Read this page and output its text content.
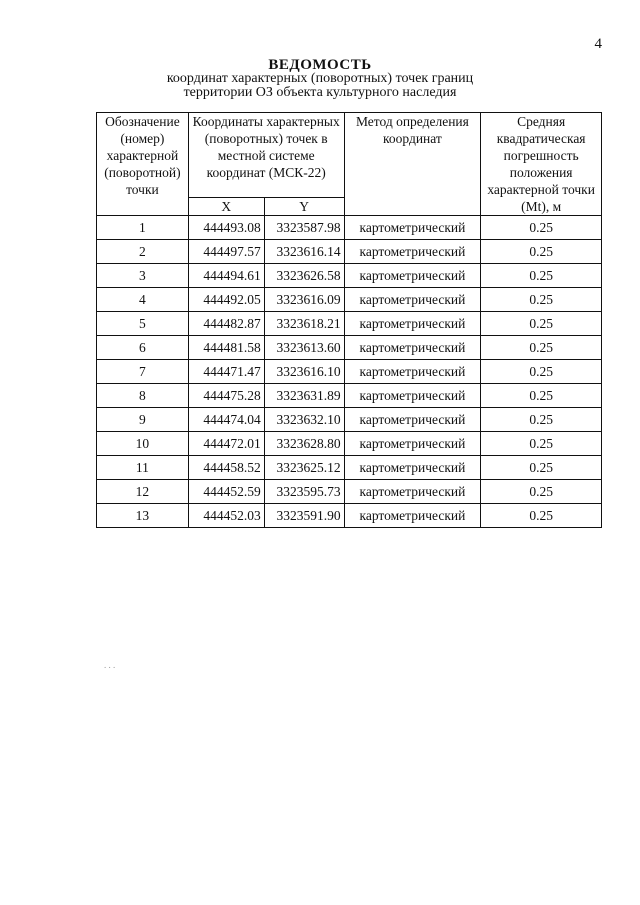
4
ВЕДОМОСТЬ
координат характерных (поворотных) точек границ
территории ОЗ объекта культурного наследия
Обозначение (номер) характерной (поворотной) точки	Координаты характерных (поворотных) точек в местной системе координат (МСК-22)		Метод определения координат	Средняя квадратическая погрешность положения характерной точки (Mt), м
	X	Y		
1	444493.08	3323587.98	картометрический	0.25
2	444497.57	3323616.14	картометрический	0.25
3	444494.61	3323626.58	картометрический	0.25
4	444492.05	3323616.09	картометрический	0.25
5	444482.87	3323618.21	картометрический	0.25
6	444481.58	3323613.60	картометрический	0.25
7	444471.47	3323616.10	картометрический	0.25
8	444475.28	3323631.89	картометрический	0.25
9	444474.04	3323632.10	картометрический	0.25
10	444472.01	3323628.80	картометрический	0.25
11	444458.52	3323625.12	картометрический	0.25
12	444452.59	3323595.73	картометрический	0.25
13	444452.03	3323591.90	картометрический	0.25
. . .
